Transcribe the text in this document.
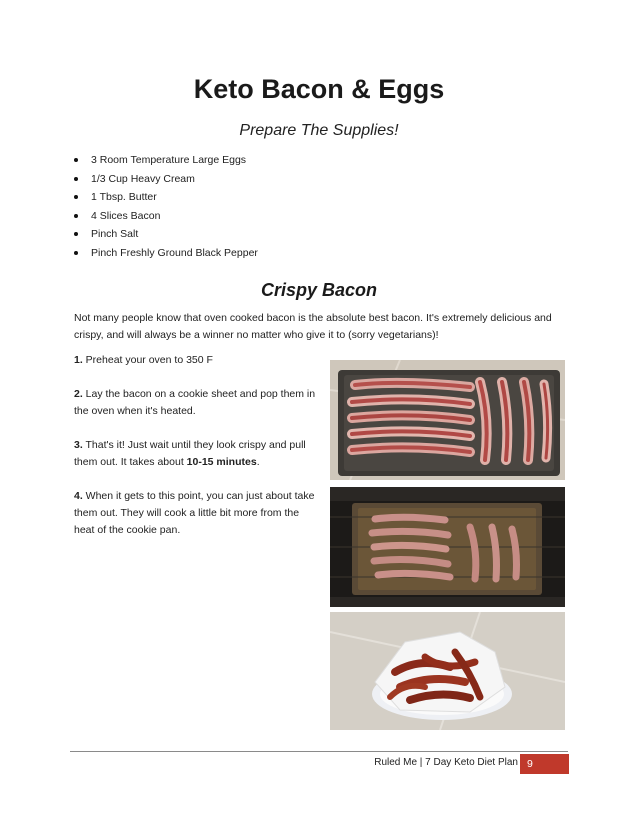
Keto Bacon & Eggs
Prepare The Supplies!
3 Room Temperature Large Eggs
1/3 Cup Heavy Cream
1 Tbsp. Butter
4 Slices Bacon
Pinch Salt
Pinch Freshly Ground Black Pepper
Crispy Bacon

Not many people know that oven cooked bacon is the absolute best bacon. It's extremely delicious and crispy, and will always be a winner no matter who give it to (sorry vegetarians)!

1. Preheat your oven to 350 F

2. Lay the bacon on a cookie sheet and pop them in the oven when it's heated.

3. That's it! Just wait until they look crispy and pull them out. It takes about 10-15 minutes.

4. When it gets to this point, you can just about take them out. They will cook a little bit more from the heat of the cookie pan.

Ruled Me | 7 Day Keto Diet Plan 9
